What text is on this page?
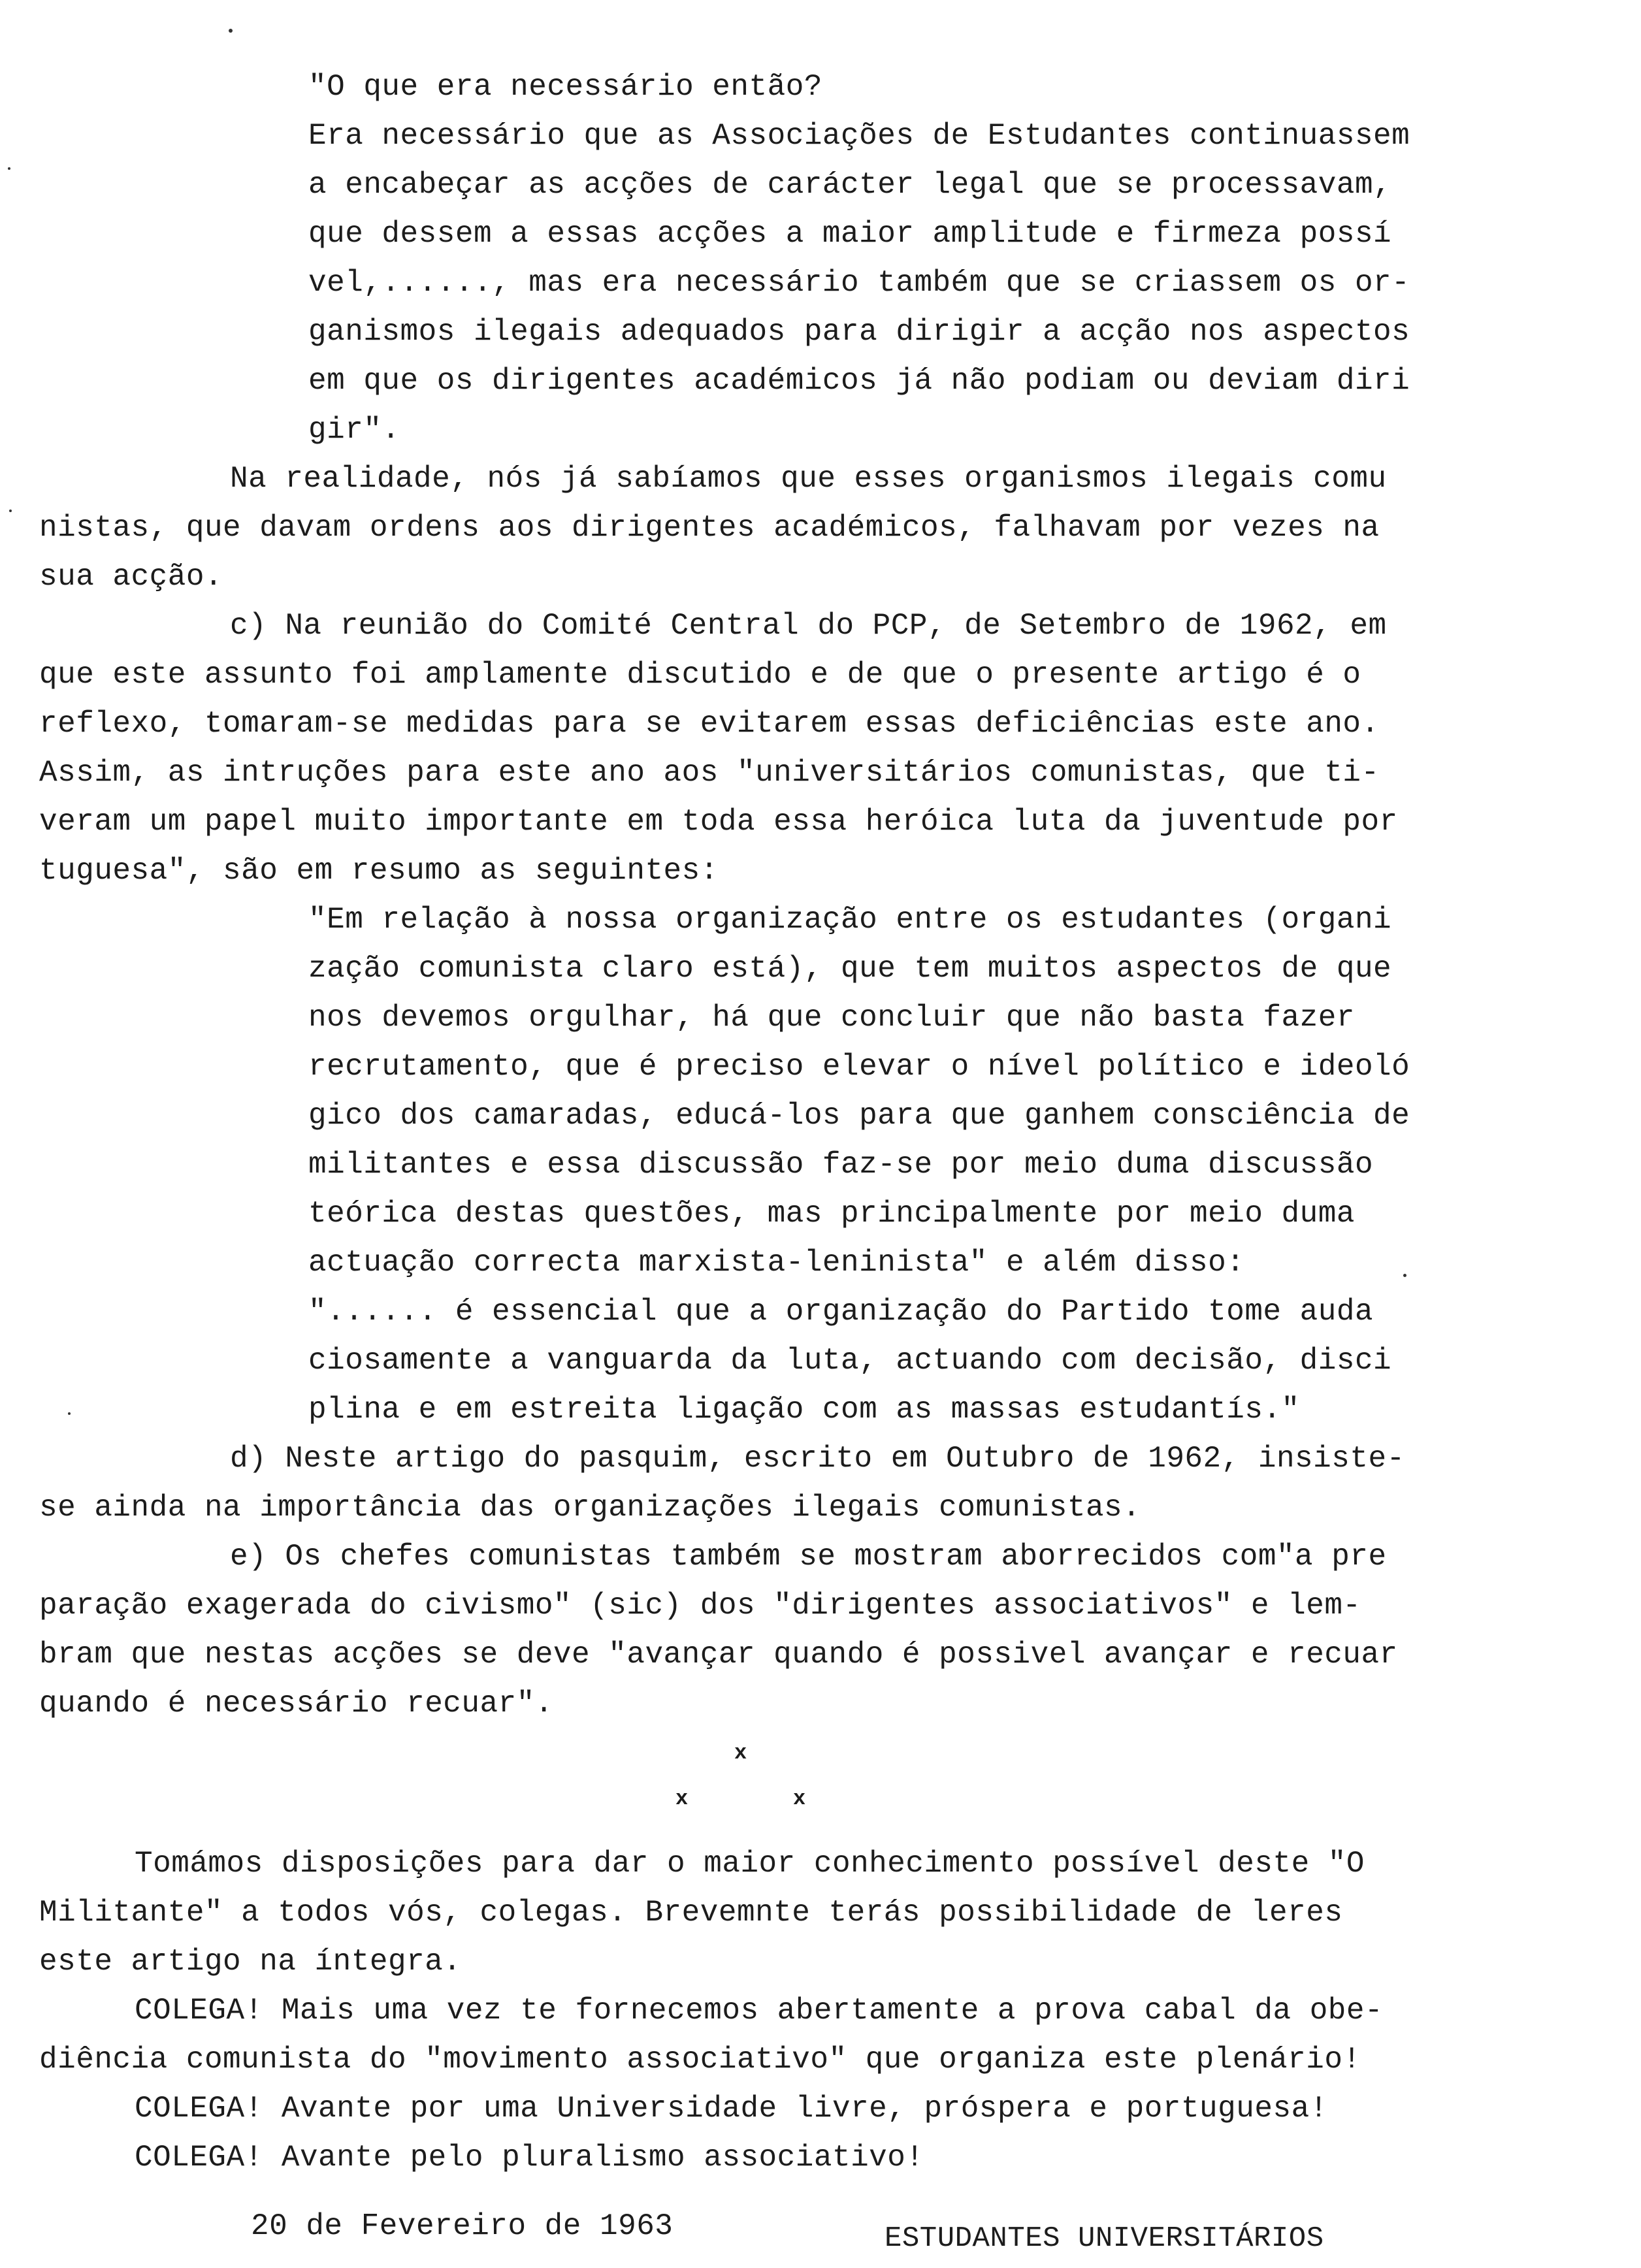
"O que era necessário então?
Era necessário que as Associações de Estudantes continuassem
a encabeçar as acções de carácter legal que se processavam,
que dessem a essas acções a maior amplitude e firmeza possí
vel,......, mas era necessário também que se criassem os or-
ganismos ilegais adequados para dirigir a acção nos aspectos
em que os dirigentes académicos já não podiam ou deviam diri
gir".
Na realidade, nós já sabíamos que esses organismos ilegais comu
nistas, que davam ordens aos dirigentes académicos, falhavam por vezes na
sua acção.
c) Na reunião do Comité Central do PCP, de Setembro de 1962, em
que este assunto foi amplamente discutido e de que o presente artigo é o
reflexo, tomaram-se medidas para se evitarem essas deficiências este ano.
Assim, as intruções para este ano aos "universitários comunistas, que ti-
veram um papel muito importante em toda essa heróica luta da juventude por
tuguesa", são em resumo as seguintes:
"Em relação à nossa organização entre os estudantes (organi
zação comunista claro está), que tem muitos aspectos de que
nos devemos orgulhar, há que concluir que não basta fazer
recrutamento, que é preciso elevar o nível político e ideoló
gico dos camaradas, educá-los para que ganhem consciência de
militantes e essa discussão faz-se por meio duma discussão
teórica destas questões, mas principalmente por meio duma
actuação correcta marxista-leninista" e além disso:
"...... é essencial que a organização do Partido tome auda
ciosamente a vanguarda da luta, actuando com decisão, disci
plina e em estreita ligação com as massas estudantís."
d) Neste artigo do pasquim, escrito em Outubro de 1962, insiste-
se ainda na importância das organizações ilegais comunistas.
e) Os chefes comunistas também se mostram aborrecidos com"a pre
paração exagerada do civismo" (sic) dos "dirigentes associativos" e lem-
bram que nestas acções se deve "avançar quando é possivel avançar e recuar
quando é necessário recuar".
x
x	x
Tomámos disposições para dar o maior conhecimento possível deste "O
Militante" a todos vós, colegas. Brevemnte terás possibilidade de leres
este artigo na íntegra.
COLEGA! Mais uma vez te fornecemos abertamente a prova cabal da obe-
diência comunista do "movimento associativo" que organiza este plenário!
COLEGA! Avante por uma Universidade livre, próspera e portuguesa!
COLEGA! Avante pelo pluralismo associativo!
20 de Fevereiro de 1963	ESTUDANTES UNIVERSITÁRIOS
